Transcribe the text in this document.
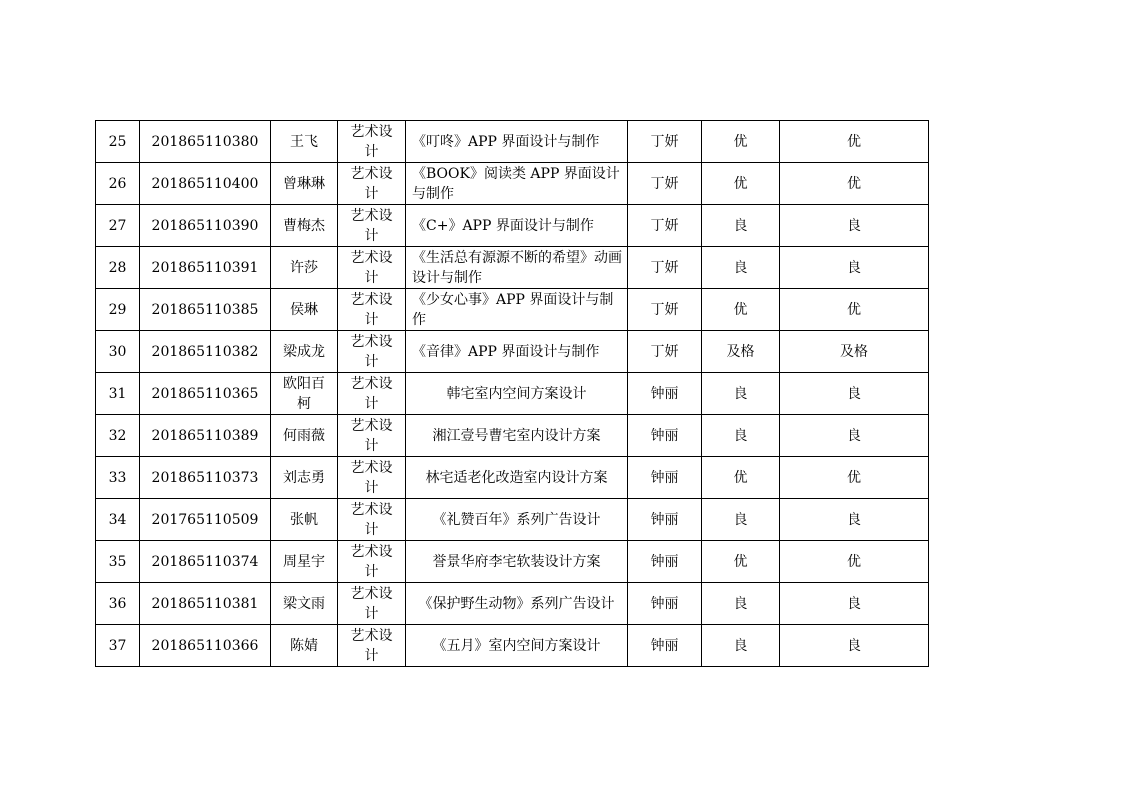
25	201865110380	王飞	艺术设计	《叮咚》APP 界面设计与制作	丁妍	优	优
26	201865110400	曾琳琳	艺术设计	《BOOK》阅读类 APP 界面设计与制作	丁妍	优	优
27	201865110390	曹梅杰	艺术设计	《C+》APP 界面设计与制作	丁妍	良	良
28	201865110391	许莎	艺术设计	《生活总有源源不断的希望》动画设计与制作	丁妍	良	良
29	201865110385	侯琳	艺术设计	《少女心事》APP 界面设计与制作	丁妍	优	优
30	201865110382	梁成龙	艺术设计	《音律》APP 界面设计与制作	丁妍	及格	及格
31	201865110365	欧阳百柯	艺术设计	韩宅室内空间方案设计	钟丽	良	良
32	201865110389	何雨薇	艺术设计	湘江壹号曹宅室内设计方案	钟丽	良	良
33	201865110373	刘志勇	艺术设计	林宅适老化改造室内设计方案	钟丽	优	优
34	201765110509	张帆	艺术设计	《礼赞百年》系列广告设计	钟丽	良	良
35	201865110374	周星宇	艺术设计	誉景华府李宅软装设计方案	钟丽	优	优
36	201865110381	梁文雨	艺术设计	《保护野生动物》系列广告设计	钟丽	良	良
37	201865110366	陈婧	艺术设计	《五月》室内空间方案设计	钟丽	良	良
